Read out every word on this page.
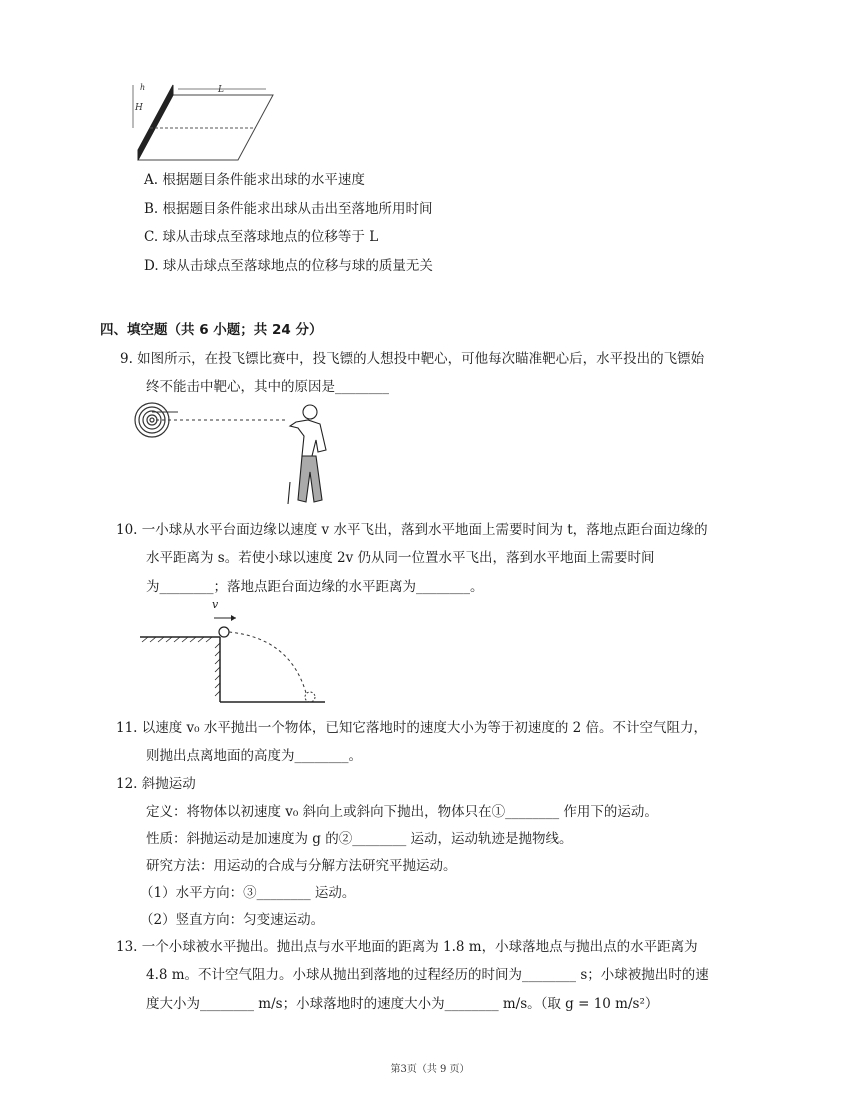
L
H
h
A. 根据题目条件能求出球的水平速度
B. 根据题目条件能求出球从击出至落地所用时间
C. 球从击球点至落球地点的位移等于 L
D. 球从击球点至落球地点的位移与球的质量无关
四、填空题（共 6 小题；共 24 分）
9. 如图所示，在投飞镖比赛中，投飞镖的人想投中靶心，可他每次瞄准靶心后，水平投出的飞镖始
终不能击中靶心，其中的原因是________
10. 一小球从水平台面边缘以速度 v 水平飞出，落到水平地面上需要时间为 t，落地点距台面边缘的
水平距离为 s。若使小球以速度 2v 仍从同一位置水平飞出，落到水平地面上需要时间
为________；落地点距台面边缘的水平距离为________。
v
11. 以速度 v₀ 水平抛出一个物体，已知它落地时的速度大小为等于初速度的 2 倍。不计空气阻力，
则抛出点离地面的高度为________。
12. 斜抛运动
定义：将物体以初速度 v₀ 斜向上或斜向下抛出，物体只在①________ 作用下的运动。
性质：斜抛运动是加速度为 g 的②________ 运动，运动轨迹是抛物线。
研究方法：用运动的合成与分解方法研究平抛运动。
（1）水平方向：③________ 运动。
（2）竖直方向：匀变速运动。
13. 一个小球被水平抛出。抛出点与水平地面的距离为 1.8 m，小球落地点与抛出点的水平距离为
4.8 m。不计空气阻力。小球从抛出到落地的过程经历的时间为________ s；小球被抛出时的速
度大小为________ m/s；小球落地时的速度大小为________ m/s。（取 g = 10 m/s²）
第3页（共 9 页）
